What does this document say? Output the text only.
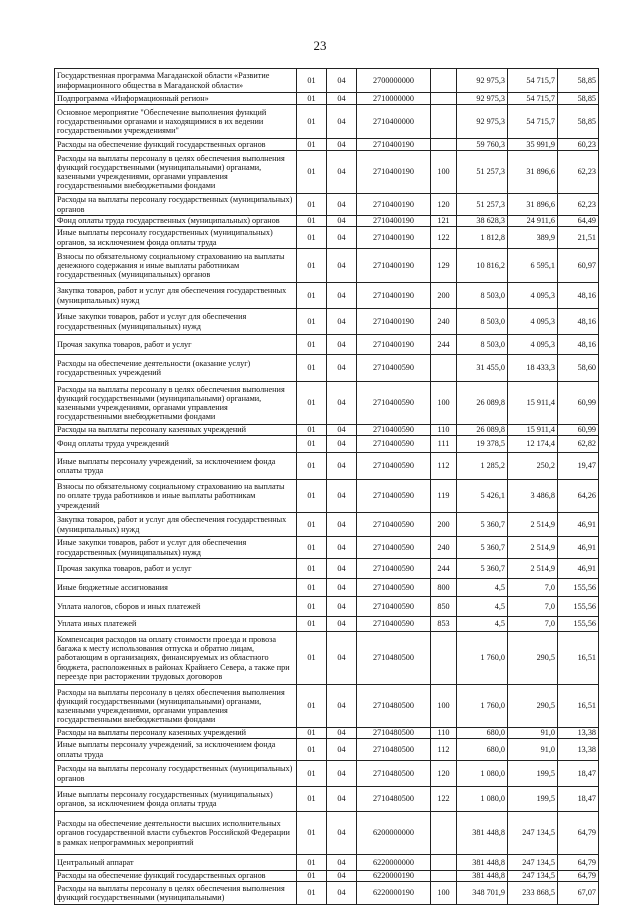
23
Государственная программа Магаданской области «Развитие информационного общества в Магаданской области»	01	04	2700000000		92 975,3	54 715,7	58,85
Подпрограмма «Информационный регион»	01	04	2710000000		92 975,3	54 715,7	58,85
Основное мероприятие "Обеспечение выполнения функций государственными органами и находящимися в их ведении государственными учреждениями"	01	04	2710400000		92 975,3	54 715,7	58,85
Расходы на обеспечение функций государственных органов	01	04	2710400190		59 760,3	35 991,9	60,23
Расходы на выплаты персоналу в целях обеспечения выполнения функций государственными (муниципальными) органами, казенными учреждениями, органами управления государственными внебюджетными фондами	01	04	2710400190	100	51 257,3	31 896,6	62,23
Расходы на выплаты персоналу государственных (муниципальных) органов	01	04	2710400190	120	51 257,3	31 896,6	62,23
Фонд оплаты труда государственных (муниципальных) органов	01	04	2710400190	121	38 628,3	24 911,6	64,49
Иные выплаты персоналу государственных (муниципальных) органов, за исключением фонда оплаты труда	01	04	2710400190	122	1 812,8	389,9	21,51
Взносы по обязательному социальному страхованию на выплаты денежного содержания и иные выплаты работникам государственных (муниципальных) органов	01	04	2710400190	129	10 816,2	6 595,1	60,97
Закупка товаров, работ и услуг для обеспечения государственных (муниципальных) нужд	01	04	2710400190	200	8 503,0	4 095,3	48,16
Иные закупки товаров, работ и услуг для обеспечения государственных (муниципальных) нужд	01	04	2710400190	240	8 503,0	4 095,3	48,16
Прочая закупка товаров, работ и услуг	01	04	2710400190	244	8 503,0	4 095,3	48,16
Расходы на обеспечение деятельности (оказание услуг) государственных учреждений	01	04	2710400590		31 455,0	18 433,3	58,60
Расходы на выплаты персоналу в целях обеспечения выполнения функций государственными (муниципальными) органами, казенными учреждениями, органами управления государственными внебюджетными фондами	01	04	2710400590	100	26 089,8	15 911,4	60,99
Расходы на выплаты персоналу казенных учреждений	01	04	2710400590	110	26 089,8	15 911,4	60,99
Фонд оплаты труда учреждений	01	04	2710400590	111	19 378,5	12 174,4	62,82
Иные выплаты персоналу учреждений, за исключением фонда оплаты труда	01	04	2710400590	112	1 285,2	250,2	19,47
Взносы по обязательному социальному страхованию на выплаты по оплате труда работников и иные выплаты работникам учреждений	01	04	2710400590	119	5 426,1	3 486,8	64,26
Закупка товаров, работ и услуг для обеспечения государственных (муниципальных) нужд	01	04	2710400590	200	5 360,7	2 514,9	46,91
Иные закупки товаров, работ и услуг для обеспечения государственных (муниципальных) нужд	01	04	2710400590	240	5 360,7	2 514,9	46,91
Прочая закупка товаров, работ и услуг	01	04	2710400590	244	5 360,7	2 514,9	46,91
Иные бюджетные ассигнования	01	04	2710400590	800	4,5	7,0	155,56
Уплата налогов, сборов и иных платежей	01	04	2710400590	850	4,5	7,0	155,56
Уплата иных платежей	01	04	2710400590	853	4,5	7,0	155,56
Компенсация расходов на оплату стоимости проезда и провоза багажа к месту использования отпуска и обратно лицам, работающим в организациях, финансируемых из областного бюджета, расположенных в районах Крайнего Севера, а также при переезде при расторжении трудовых договоров	01	04	2710480500		1 760,0	290,5	16,51
Расходы на выплаты персоналу в целях обеспечения выполнения функций государственными (муниципальными) органами, казенными учреждениями, органами управления государственными внебюджетными фондами	01	04	2710480500	100	1 760,0	290,5	16,51
Расходы на выплаты персоналу казенных учреждений	01	04	2710480500	110	680,0	91,0	13,38
Иные выплаты персоналу учреждений, за исключением фонда оплаты труда	01	04	2710480500	112	680,0	91,0	13,38
Расходы на выплаты персоналу государственных (муниципальных) органов	01	04	2710480500	120	1 080,0	199,5	18,47
Иные выплаты персоналу государственных (муниципальных) органов, за исключением фонда оплаты труда	01	04	2710480500	122	1 080,0	199,5	18,47
Расходы на обеспечение деятельности высших исполнительных органов государственной власти субъектов Российской Федерации в рамках непрограммных мероприятий	01	04	6200000000		381 448,8	247 134,5	64,79
Центральный аппарат	01	04	6220000000		381 448,8	247 134,5	64,79
Расходы на обеспечение функций государственных органов	01	04	6220000190		381 448,8	247 134,5	64,79
Расходы на выплаты персоналу в целях обеспечения выполнения функций государственными (муниципальными)	01	04	6220000190	100	348 701,9	233 868,5	67,07
